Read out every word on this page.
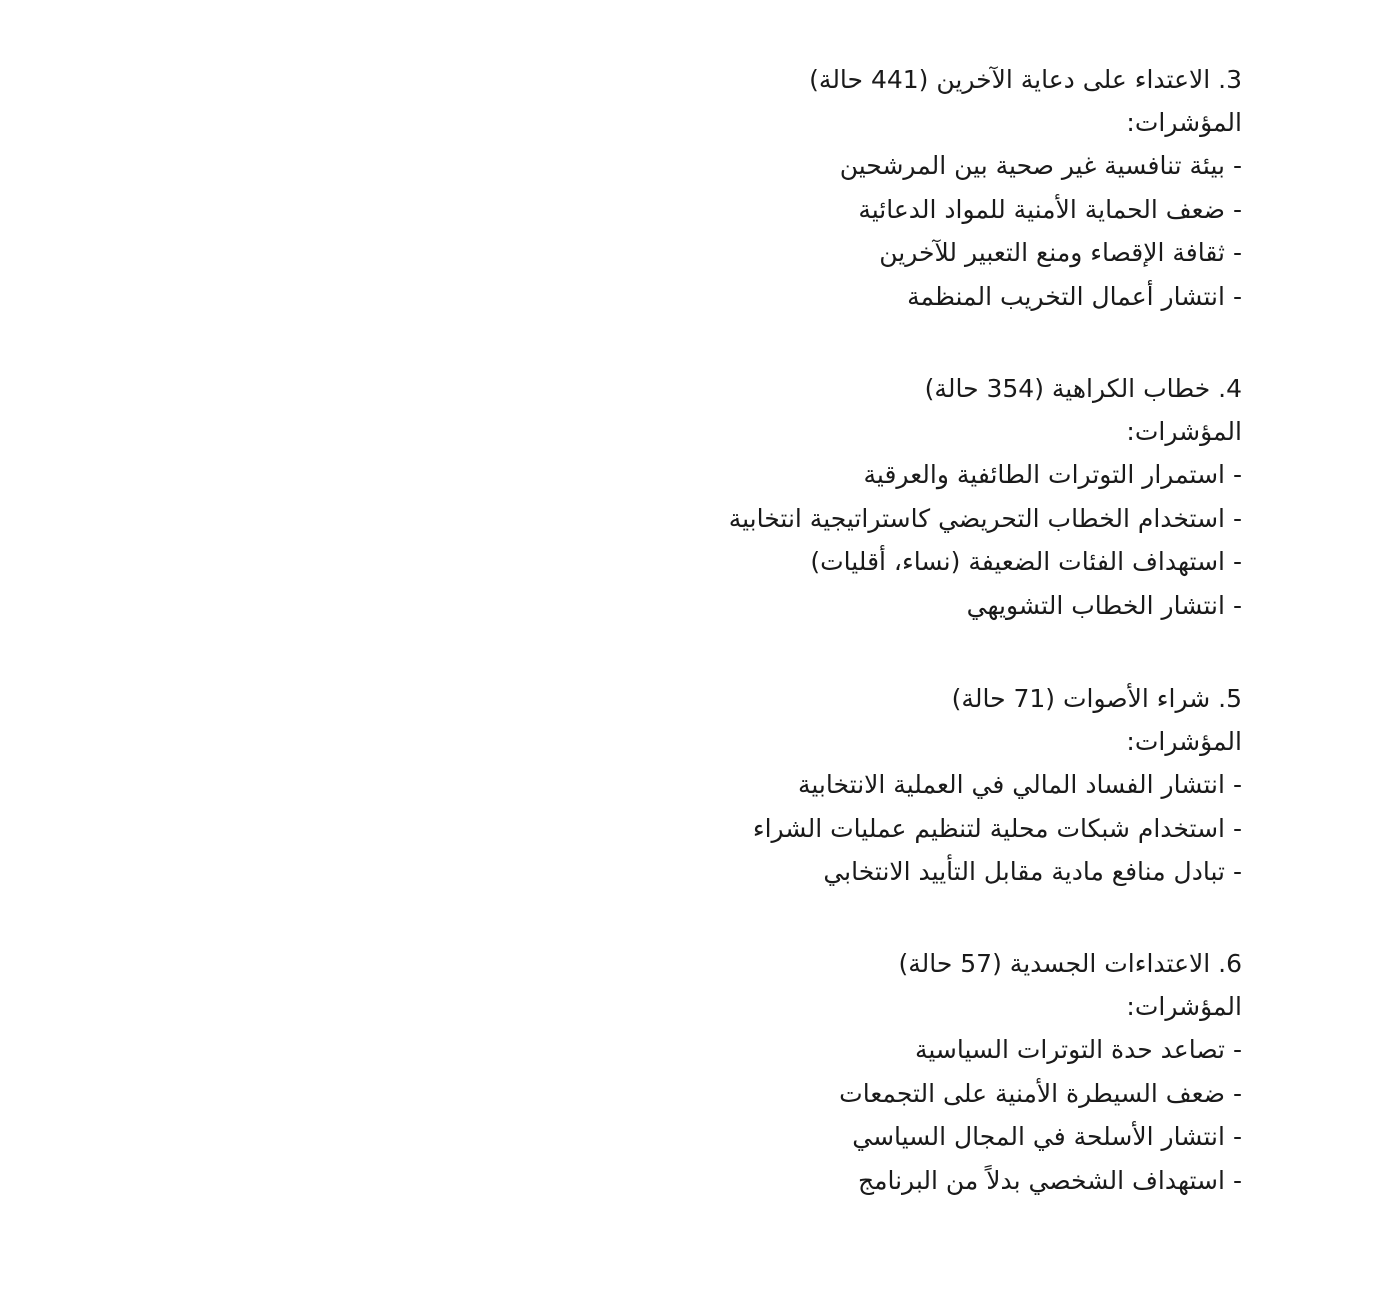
3. الاعتداء على دعاية الآخرين (441 حالة)
المؤشرات:
-بيئة تنافسية غير صحية بين المرشحين
-ضعف الحماية الأمنية للمواد الدعائية
-ثقافة الإقصاء ومنع التعبير للآخرين
-انتشار أعمال التخريب المنظمة
4. خطاب الكراهية (354 حالة)
المؤشرات:
-استمرار التوترات الطائفية والعرقية
-استخدام الخطاب التحريضي كاستراتيجية انتخابية
-استهداف الفئات الضعيفة (نساء، أقليات)
-انتشار الخطاب التشويهي
5. شراء الأصوات (71 حالة)
المؤشرات:
-انتشار الفساد المالي في العملية الانتخابية
-استخدام شبكات محلية لتنظيم عمليات الشراء
-تبادل منافع مادية مقابل التأييد الانتخابي
6. الاعتداءات الجسدية (57 حالة)
المؤشرات:
-تصاعد حدة التوترات السياسية
-ضعف السيطرة الأمنية على التجمعات
-انتشار الأسلحة في المجال السياسي
-استهداف الشخصي بدلاً من البرنامج
